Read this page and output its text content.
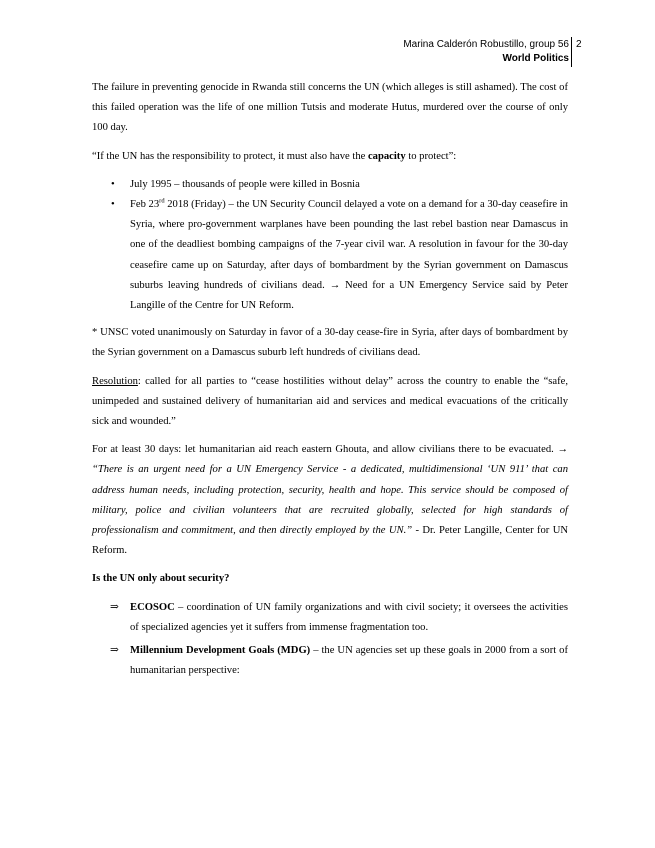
Marina Calderón Robustillo, group 56
World Politics
2

The failure in preventing genocide in Rwanda still concerns the UN (which alleges is still ashamed). The cost of this failed operation was the life of one million Tutsis and moderate Hutus, murdered over the course of only 100 day.

“If the UN has the responsibility to protect, it must also have the capacity to protect”:

• July 1995 – thousands of people were killed in Bosnia
• Feb 23rd 2018 (Friday) – the UN Security Council delayed a vote on a demand for a 30-day ceasefire in Syria, where pro-government warplanes have been pounding the last rebel bastion near Damascus in one of the deadliest bombing campaigns of the 7-year civil war. A resolution in favour for the 30-day ceasefire came up on Saturday, after days of bombardment by the Syrian government on Damascus suburbs leaving hundreds of civilians dead. → Need for a UN Emergency Service said by Peter Langille of the Centre for UN Reform.

* UNSC voted unanimously on Saturday in favor of a 30-day cease-fire in Syria, after days of bombardment by the Syrian government on a Damascus suburb left hundreds of civilians dead.

Resolution: called for all parties to “cease hostilities without delay” across the country to enable the “safe, unimpeded and sustained delivery of humanitarian aid and services and medical evacuations of the critically sick and wounded.”

For at least 30 days: let humanitarian aid reach eastern Ghouta, and allow civilians there to be evacuated. → “There is an urgent need for a UN Emergency Service - a dedicated, multidimensional ‘UN 911’ that can address human needs, including protection, security, health and hope. This service should be composed of military, police and civilian volunteers that are recruited globally, selected for high standards of professionalism and commitment, and then directly employed by the UN.” - Dr. Peter Langille, Center for UN Reform.

Is the UN only about security?

⇒ ECOSOC – coordination of UN family organizations and with civil society; it oversees the activities of specialized agencies yet it suffers from immense fragmentation too.
⇒ Millennium Development Goals (MDG) – the UN agencies set up these goals in 2000 from a sort of humanitarian perspective:
